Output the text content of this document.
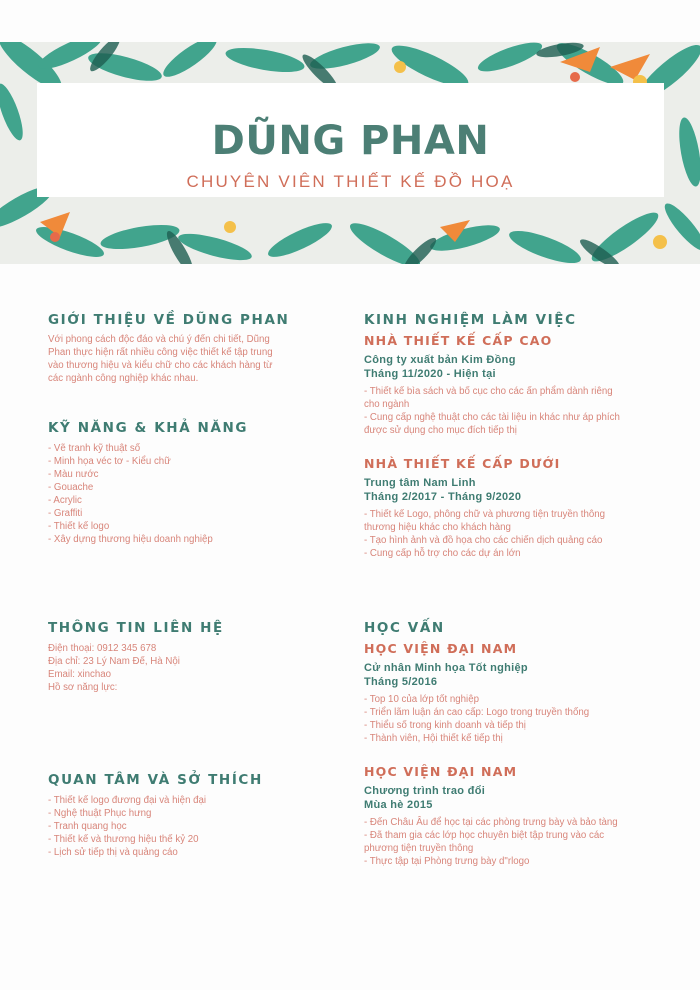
DŨNG PHAN

CHUYÊN VIÊN THIẾT KẾ ĐỒ HOẠ

GIỚI THIỆU VỀ DŨNG PHAN

Với phong cách độc đáo và chú ý đến chi tiết, Dũng

Phan thực hiện rất nhiều công việc thiết kế tập trung

vào thương hiệu và kiểu chữ cho các khách hàng từ

các ngành công nghiệp khác nhau.

KỸ NĂNG & KHẢ NĂNG

- Vẽ tranh kỹ thuật số
- Minh họa véc tơ - Kiểu chữ
- Màu nước
- Gouache
- Acrylic
- Graffiti
- Thiết kế logo
- Xây dựng thương hiệu doanh nghiệp

THÔNG TIN LIÊN HỆ

Điện thoại: 0912 345 678

Địa chỉ: 23 Lý Nam Đế, Hà Nội

Email: xinchao

Hồ sơ năng lực:

QUAN TÂM VÀ SỞ THÍCH

- Thiết kế logo đương đại và hiện đại
- Nghệ thuật Phục hưng
- Tranh quang học
- Thiết kế và thương hiệu thế kỷ 20
- Lịch sử tiếp thị và quảng cáo

KINH NGHIỆM LÀM VIỆC

NHÀ THIẾT KẾ CẤP CAO

Công ty xuất bản Kim Đồng

Tháng 11/2020 - Hiện tại

- Thiết kế bìa sách và bố cục cho các ấn phẩm dành riêng

cho ngành

- Cung cấp nghệ thuật cho các tài liệu in khác như áp phích

được sử dụng cho mục đích tiếp thị

NHÀ THIẾT KẾ CẤP DƯỚI

Trung tâm Nam Linh

Tháng 2/2017 - Tháng 9/2020

- Thiết kế Logo, phông chữ và phương tiện truyền thông

thương hiệu khác cho khách hàng

- Tạo hình ảnh và đồ họa cho các chiến dịch quảng cáo

- Cung cấp hỗ trợ cho các dự án lớn

HỌC VẤN

HỌC VIỆN ĐẠI NAM

Cử nhân Minh họa Tốt nghiệp

Tháng 5/2016

- Top 10 của lớp tốt nghiệp

- Triển lãm luận án cao cấp: Logo trong truyền thống

- Thiểu số trong kinh doanh và tiếp thị

- Thành viên, Hội thiết kế tiếp thị

HỌC VIỆN ĐẠI NAM

Chương trình trao đổi

Mùa hè 2015

- Đến Châu Âu để học tại các phòng trưng bày và bảo tàng

- Đã tham gia các lớp học chuyên biệt tập trung vào các

phương tiện truyền thông

- Thực tập tại Phòng trưng bày d"rlogo
